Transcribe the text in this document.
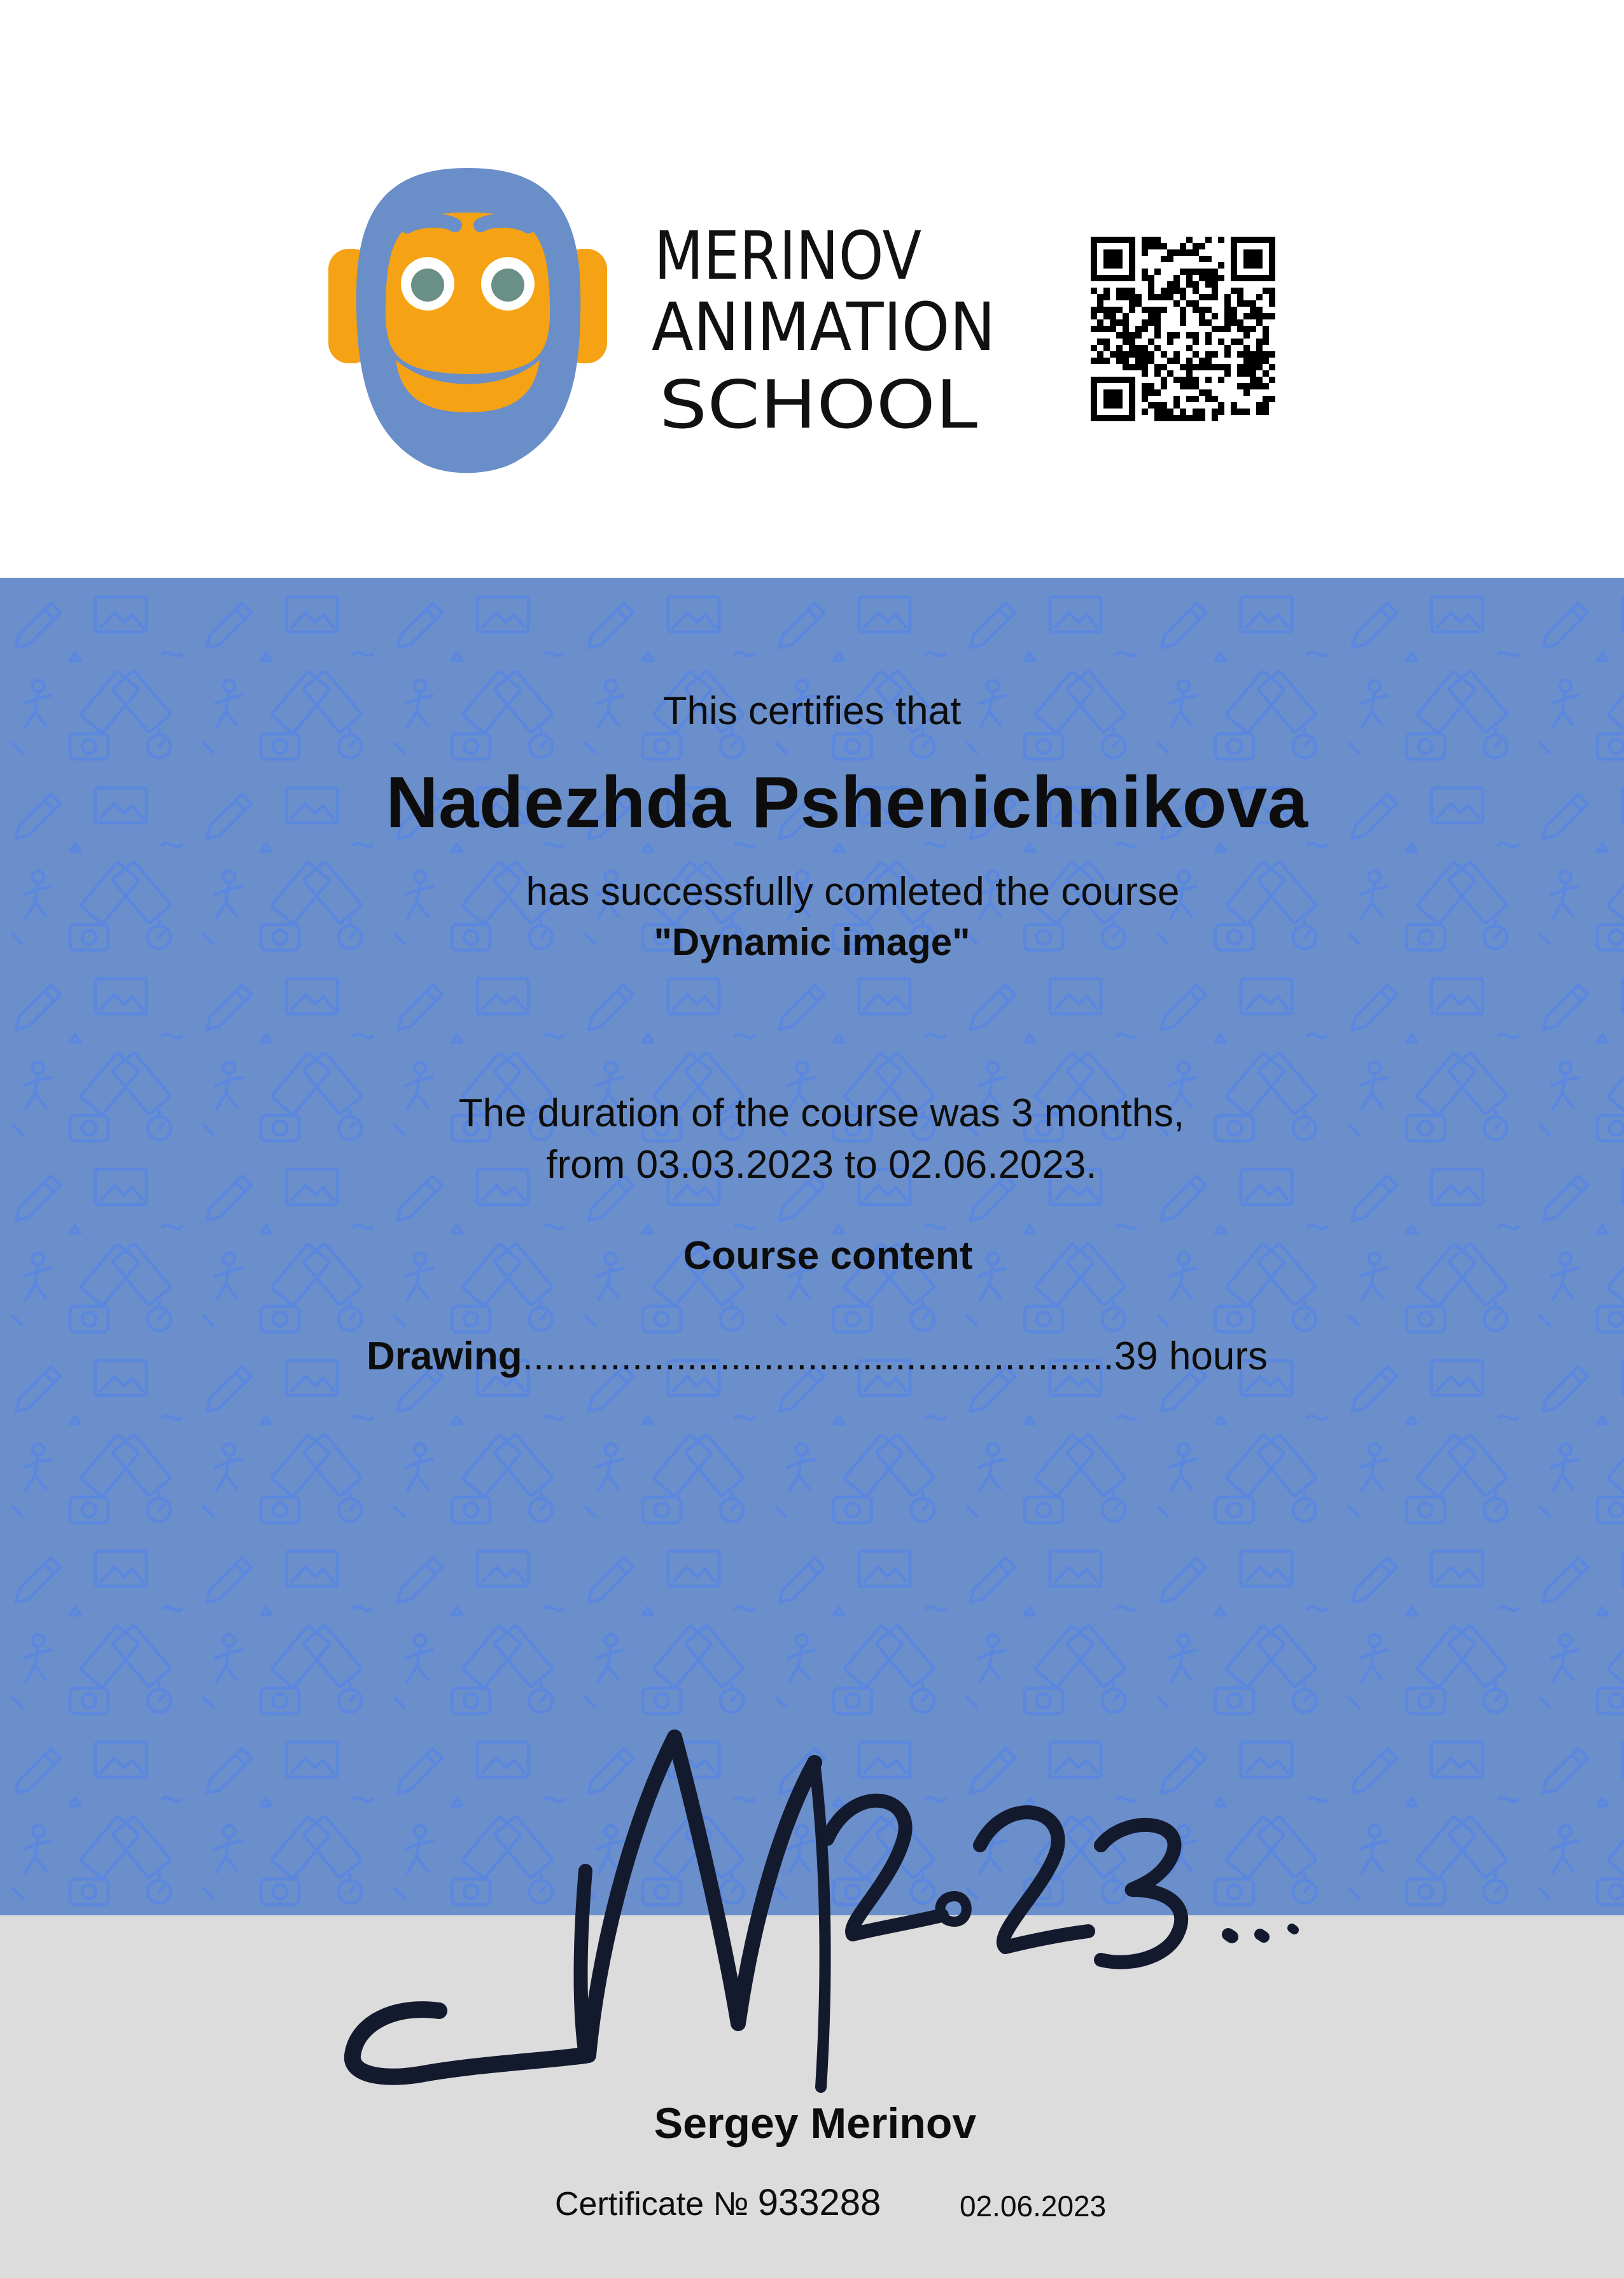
MERINOV
ANIMATION
SCHOOL
This certifies that
Nadezhda Pshenichnikova
has successfully comleted the course
"Dynamic image"
The duration of the course was 3 months,
from 03.03.2023 to 02.06.2023.
Course content
Drawing......................................................39 hours
Sergey Merinov
Certificate № 933288	02.06.2023
